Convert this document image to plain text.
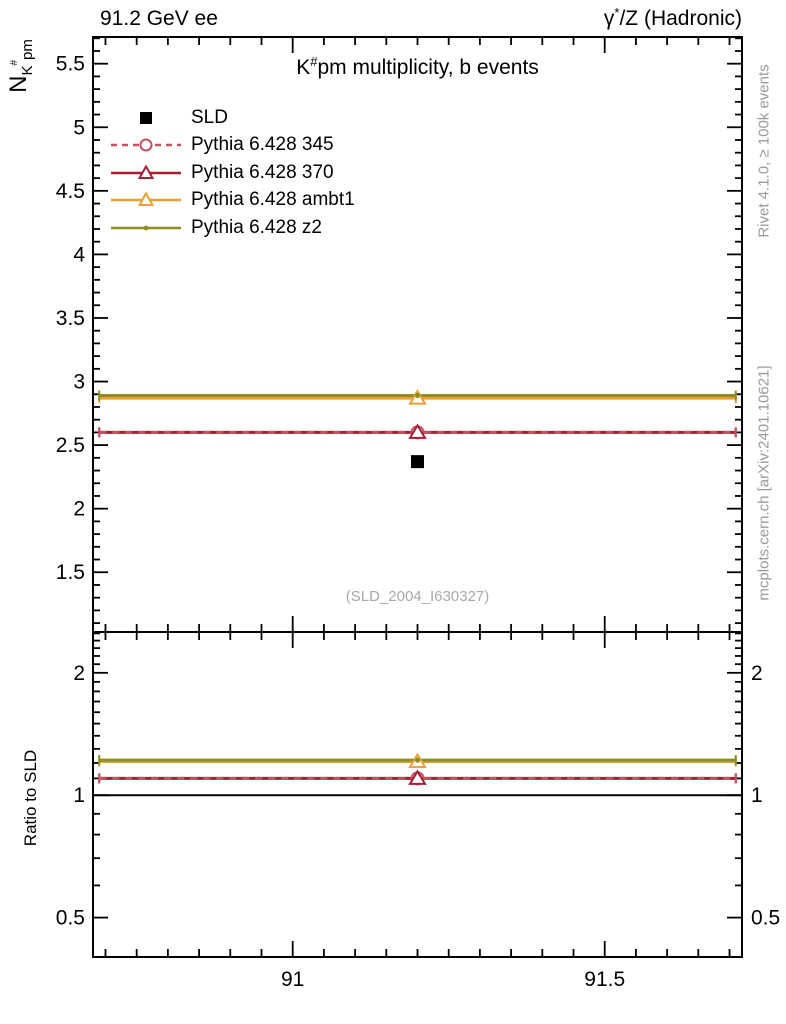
1.5
2
2.5
3
3.5
4
4.5
5
5.5
0.5	0.5
1	1
2	2
91	91.5
91.2 GeV ee	γ*/Z (Hadronic)
K#pm multiplicity, b events
$N_K^{\#}_{pm}$
Ratio to SLD
Rivet 4.1.0, ≥ 100k events
mcplots.cern.ch [arXiv:2401.10621]
(SLD_2004_I630327)
SLD
Pythia 6.428 345
Pythia 6.428 370
Pythia 6.428 ambt1
Pythia 6.428 z2
